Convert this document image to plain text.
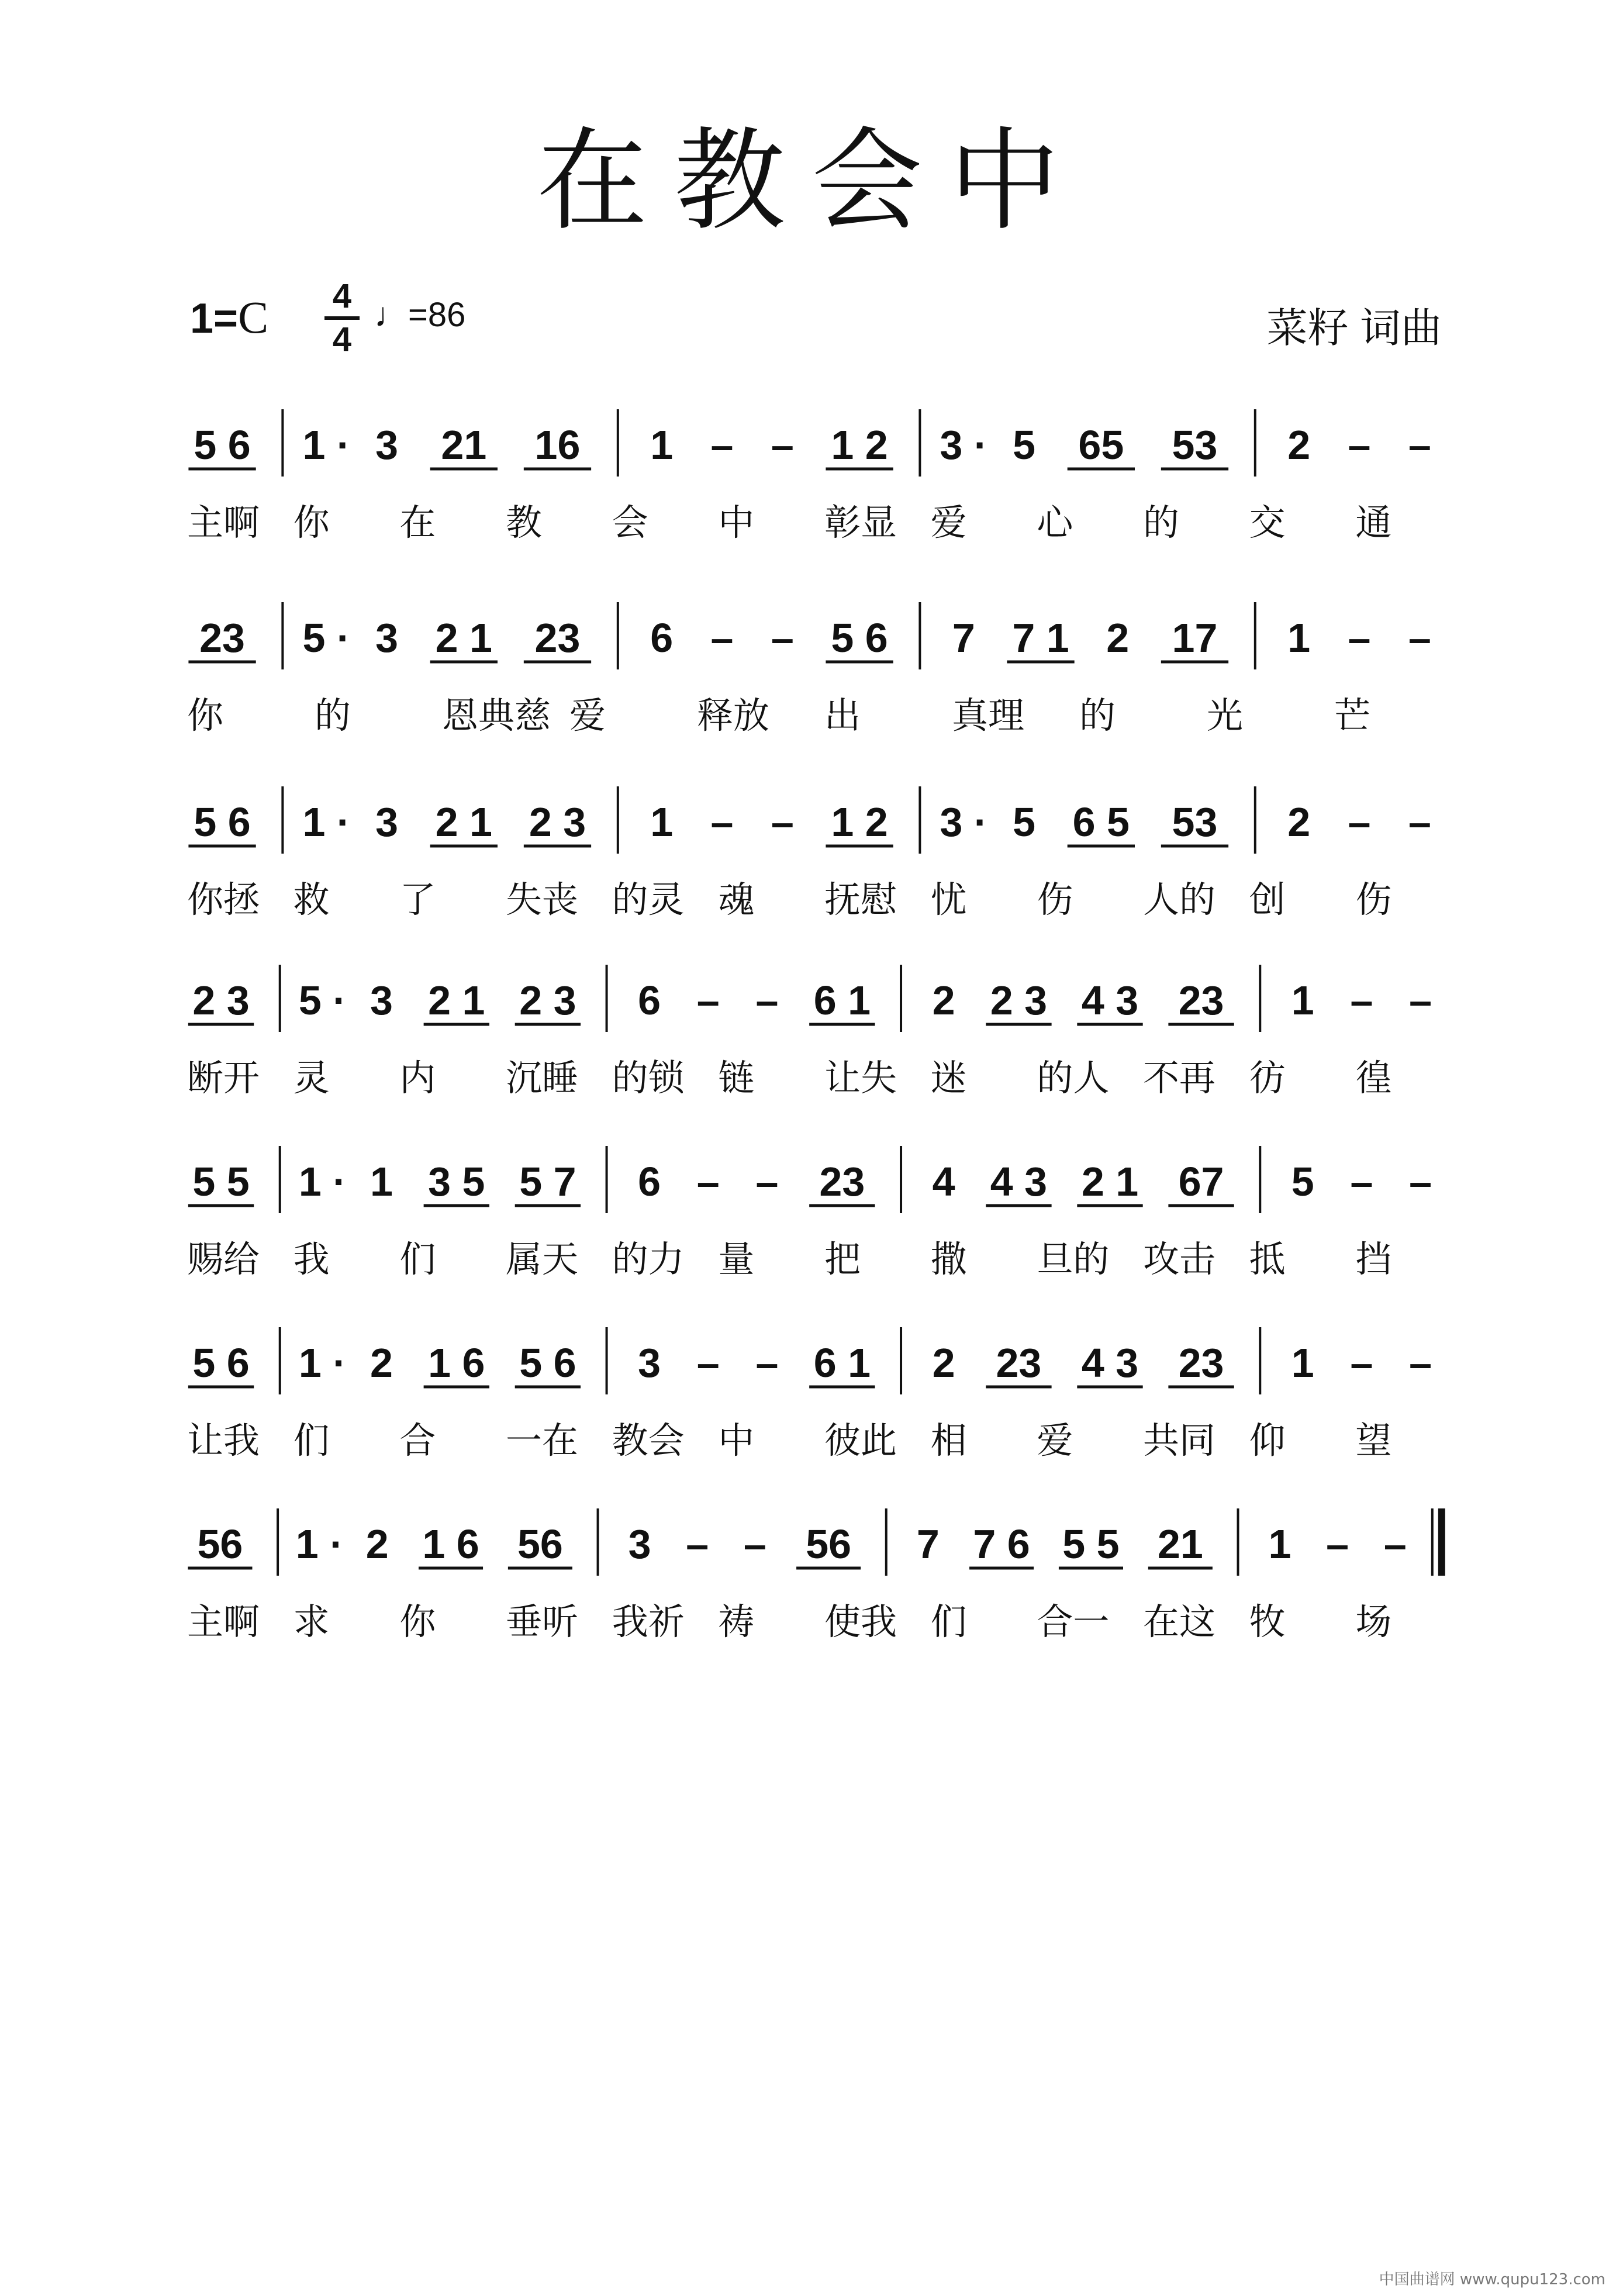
在教会中
1=C 4
4
♩=86	菜籽 词曲
5 6 1 · 3 21 16 1 – – 1 2 3 · 5 65 53 2 – –
主啊 你 在 教 会 中 彰显 爱 心 的 交 通
23 5 · 3 2 1 23 6 – – 5 6 7 7 1 2 17 1 – –
你	的	恩典慈 爱	释放 出	真理 的	光	芒
5 6 1 · 3 2 1 2 3 1 – – 1 2 3 · 5 6 5 53 2 – –
你拯 救 了 失丧 的灵 魂 抚慰 忧 伤 人的 创 伤
2 3 5 · 3 2 1 2 3 6 – – 6 1 2 2 3 4 3 23 1 – –
断开 灵 内 沉睡 的锁 链 让失 迷 的人 不再 彷 徨
5 5 1 · 1 3 5 5 7 6 – – 23 4 4 3 2 1 67 5 – –
赐给 我 们 属天 的力 量 把 撒 旦的 攻击 抵 挡
5 6 1 · 2 1 6 5 6 3 – – 6 1 2 23 4 3 23 1 – –
让我 们 合 一在 教会 中 彼此 相 爱 共同 仰 望
56 1 · 2 1 6 56 3 – – 56 7 7 6 5 5 21 1 – –
主啊 求 你 垂听 我祈 祷 使我 们 合一 在这 牧 场
中国曲谱网 www.qupu123.com
